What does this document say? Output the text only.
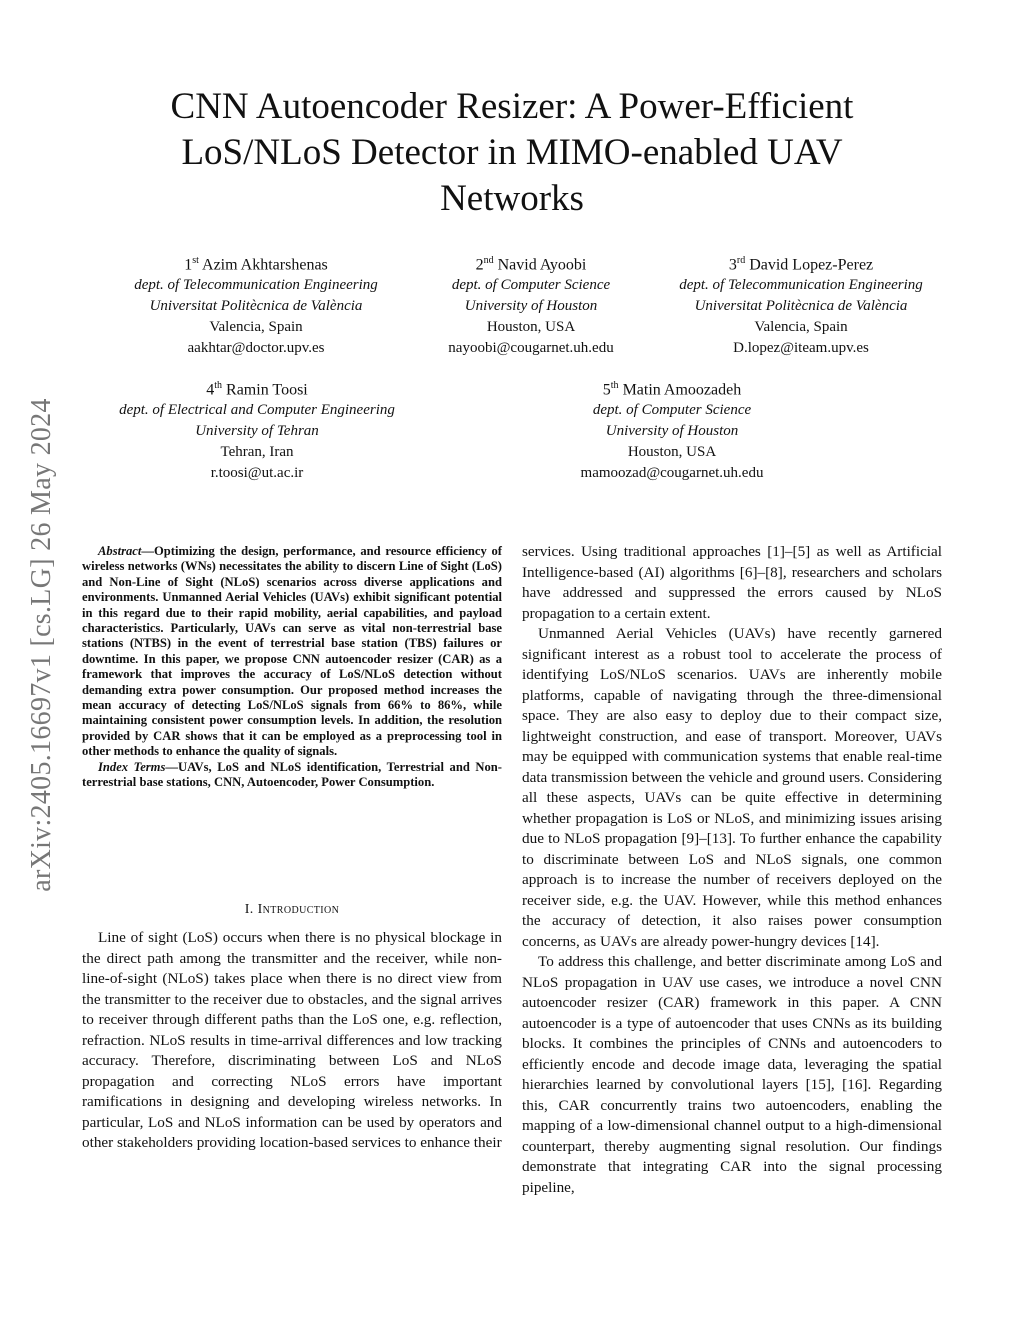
arXiv:2405.16697v1 [cs.LG] 26 May 2024
CNN Autoencoder Resizer: A Power-Efficient
LoS/NLoS Detector in MIMO-enabled UAV
Networks
1st Azim Akhtarshenas
dept. of Telecommunication Engineering
Universitat Politècnica de València
Valencia, Spain
aakhtar@doctor.upv.es
2nd Navid Ayoobi
dept. of Computer Science
University of Houston
Houston, USA
nayoobi@cougarnet.uh.edu
3rd David Lopez-Perez
dept. of Telecommunication Engineering
Universitat Politècnica de València
Valencia, Spain
D.lopez@iteam.upv.es
4th Ramin Toosi
dept. of Electrical and Computer Engineering
University of Tehran
Tehran, Iran
r.toosi@ut.ac.ir
5th Matin Amoozadeh
dept. of Computer Science
University of Houston
Houston, USA
mamoozad@cougarnet.uh.edu

Abstract—Optimizing the design, performance, and resource efficiency of wireless networks (WNs) necessitates the ability to discern Line of Sight (LoS) and Non-Line of Sight (NLoS) scenarios across diverse applications and environments. Unmanned Aerial Vehicles (UAVs) exhibit significant potential in this regard due to their rapid mobility, aerial capabilities, and payload characteristics. Particularly, UAVs can serve as vital non-terrestrial base stations (NTBS) in the event of terrestrial base station (TBS) failures or downtime. In this paper, we propose CNN autoencoder resizer (CAR) as a framework that improves the accuracy of LoS/NLoS detection without demanding extra power consumption. Our proposed method increases the mean accuracy of detecting LoS/NLoS signals from 66% to 86%, while maintaining consistent power consumption levels. In addition, the resolution provided by CAR shows that it can be employed as a preprocessing tool in other methods to enhance the quality of signals.

Index Terms—UAVs, LoS and NLoS identification, Terrestrial and Non-terrestrial base stations, CNN, Autoencoder, Power Consumption.

I. Introduction

Line of sight (LoS) occurs when there is no physical blockage in the direct path among the transmitter and the receiver, while non-line-of-sight (NLoS) takes place when there is no direct view from the transmitter to the receiver due to obstacles, and the signal arrives to receiver through different paths than the LoS one, e.g. reflection, refraction. NLoS results in time-arrival differences and low tracking accuracy. Therefore, discriminating between LoS and NLoS propagation and correcting NLoS errors have important ramifications in designing and developing wireless networks. In particular, LoS and NLoS information can be used by operators and other stakeholders providing location-based services to enhance their

services. Using traditional approaches [1]–[5] as well as Artificial Intelligence-based (AI) algorithms [6]–[8], researchers and scholars have addressed and suppressed the errors caused by NLoS propagation to a certain extent.

Unmanned Aerial Vehicles (UAVs) have recently garnered significant interest as a robust tool to accelerate the process of identifying LoS/NLoS scenarios. UAVs are inherently mobile platforms, capable of navigating through the three-dimensional space. They are also easy to deploy due to their compact size, lightweight construction, and ease of transport. Moreover, UAVs may be equipped with communication systems that enable real-time data transmission between the vehicle and ground users. Considering all these aspects, UAVs can be quite effective in determining whether propagation is LoS or NLoS, and minimizing issues arising due to NLoS propagation [9]–[13]. To further enhance the capability to discriminate between LoS and NLoS signals, one common approach is to increase the number of receivers deployed on the receiver side, e.g. the UAV. However, while this method enhances the accuracy of detection, it also raises power consumption concerns, as UAVs are already power-hungry devices [14].

To address this challenge, and better discriminate among LoS and NLoS propagation in UAV use cases, we introduce a novel CNN autoencoder resizer (CAR) framework in this paper. A CNN autoencoder is a type of autoencoder that uses CNNs as its building blocks. It combines the principles of CNNs and autoencoders to efficiently encode and decode image data, leveraging the spatial hierarchies learned by convolutional layers [15], [16]. Regarding this, CAR concurrently trains two autoencoders, enabling the mapping of a low-dimensional channel output to a high-dimensional counterpart, thereby augmenting signal resolution. Our findings demonstrate that integrating CAR into the signal processing pipeline,
